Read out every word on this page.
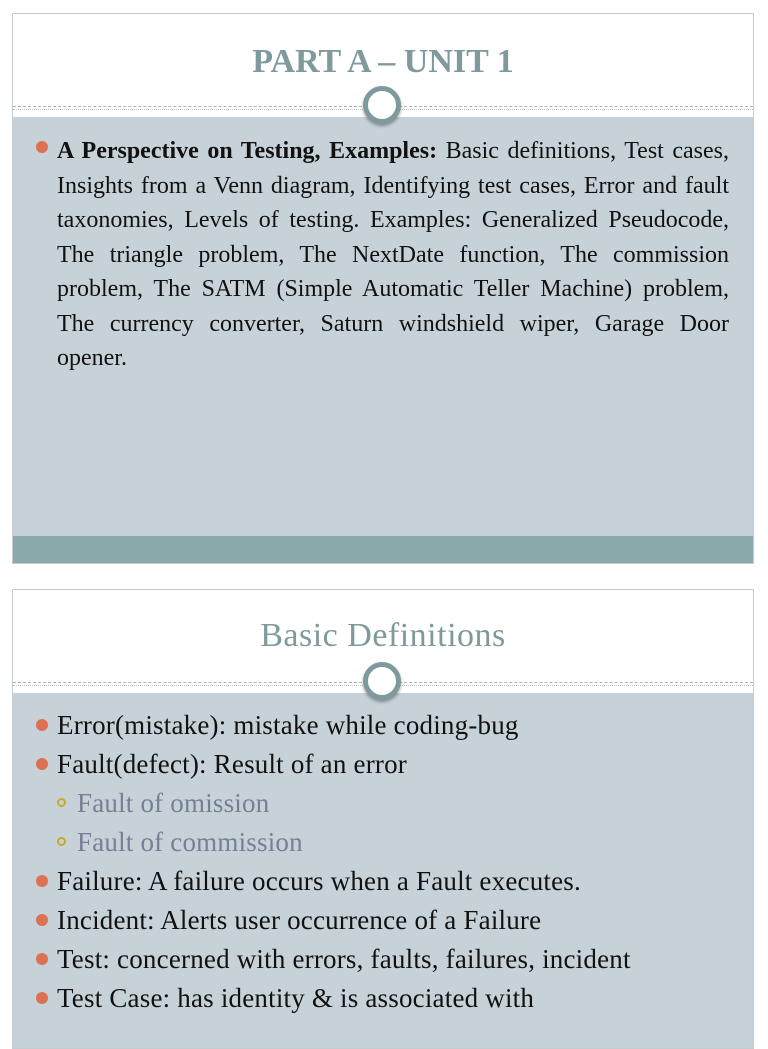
PART A – UNIT 1
A Perspective on Testing, Examples: Basic definitions, Test cases, Insights from a Venn diagram, Identifying test cases, Error and fault taxonomies, Levels of testing. Examples: Generalized Pseudocode, The triangle problem, The NextDate function, The commission problem, The SATM (Simple Automatic Teller Machine) problem, The currency converter, Saturn windshield wiper, Garage Door opener.
Basic Definitions
Error(mistake): mistake while coding-bug
Fault(defect): Result of an error
Fault of omission
Fault of commission
Failure: A failure occurs when a Fault executes.
Incident: Alerts user occurrence of a Failure
Test: concerned with errors, faults, failures, incident
Test Case: has identity & is associated with
